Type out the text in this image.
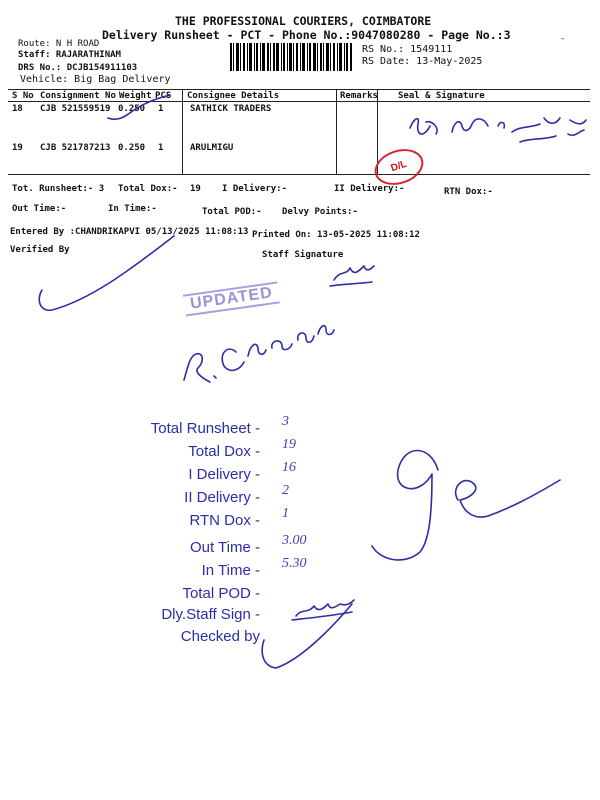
THE PROFESSIONAL COURIERS, COIMBATORE
Delivery Runsheet - PCT - Phone No.:9047080280 - Page No.:3	-
Route: N H ROAD
Staff: RAJARATHINAM
DRS No.: DCJB154911103
Vehicle: Big Bag Delivery
RS No.: 1549111
RS Date: 13-May-2025
S No Consignment No Weight PCS Consignee Details	Remarks Seal & Signature
18 CJB 521559519 0.250 1	SATHICK TRADERS
19 CJB 521787213 0.250 1	ARULMIGU
D/L
Tot. Runsheet:- 3 Total Dox:- 19 I Delivery:-	II Delivery:-	RTN Dox:-
Out Time:-	In Time:-	Total POD:- Delvy Points:-
Entered By :CHANDRIKAPVI 05/13/2025 11:08:13 Printed On: 13-05-2025 11:08:12
Verified By	Staff Signature
UPDATED
Total Runsheet - 3
Total Dox - 19
I Delivery - 16
II Delivery - 2
RTN Dox - 1
Out Time - 3.00
In Time - 5.30
Total POD -
Dly.Staff Sign -
Checked by
